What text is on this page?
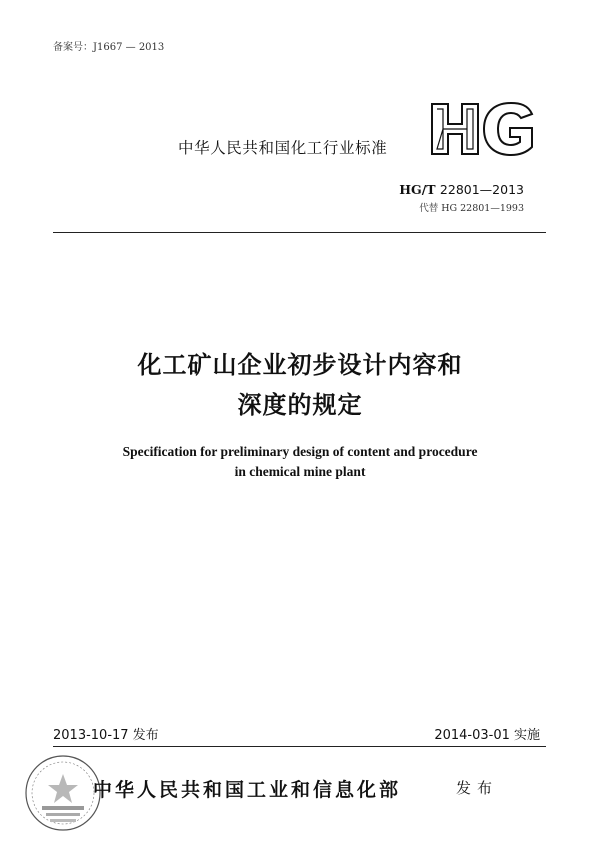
备案号：J1667 — 2013
中华人民共和国化工行业标准
HG/T 22801—2013
代替 HG 22801—1993
化工矿山企业初步设计内容和
深度的规定
Specification for preliminary design of content and procedure
in chemical mine plant
2013-10-17 发布	2014-03-01 实施
中华人民共和国工业和信息化部	发布
